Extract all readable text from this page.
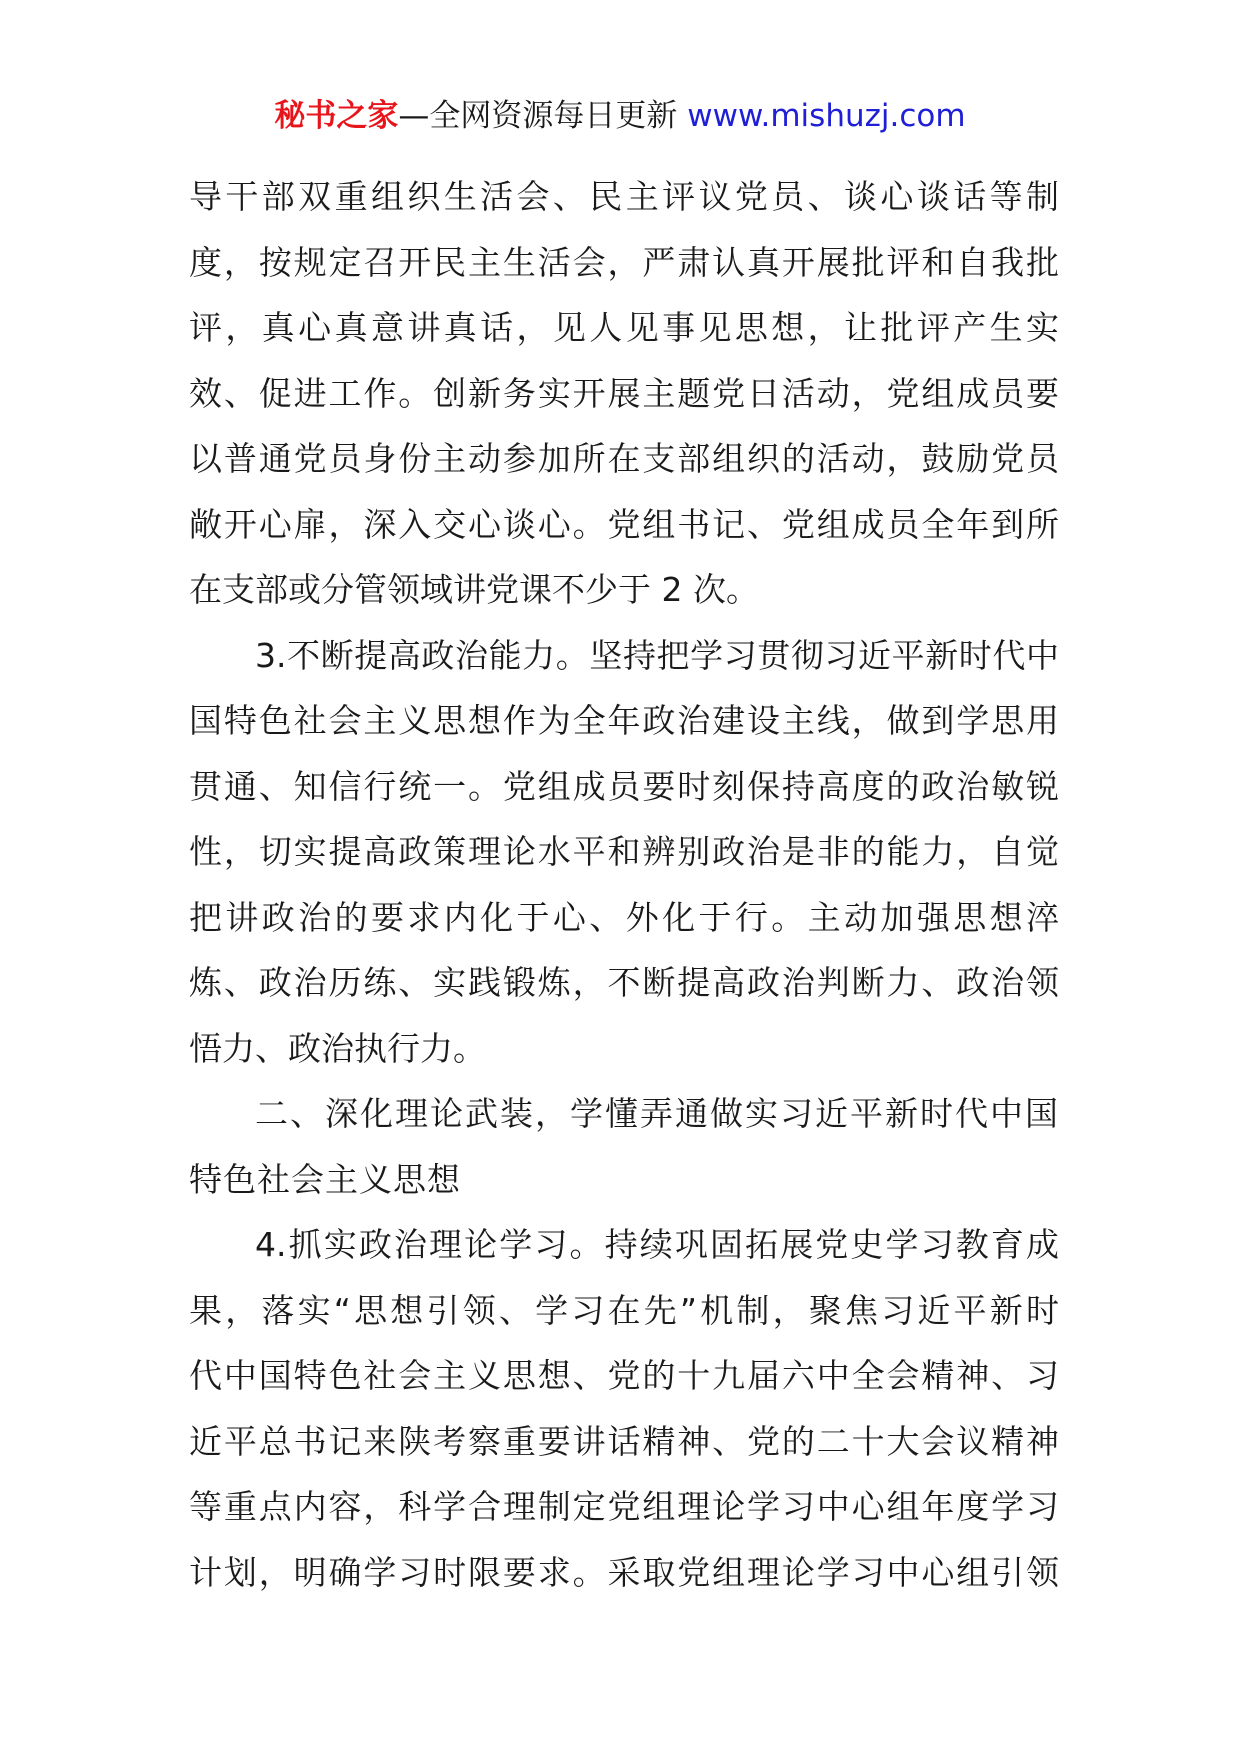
秘书之家—全网资源每日更新 www.mishuzj.com
导干部双重组织生活会、民主评议党员、谈心谈话等制
度，按规定召开民主生活会，严肃认真开展批评和自我批
评，真心真意讲真话，见人见事见思想，让批评产生实
效、促进工作。创新务实开展主题党日活动，党组成员要
以普通党员身份主动参加所在支部组织的活动，鼓励党员
敞开心扉，深入交心谈心。党组书记、党组成员全年到所
在支部或分管领域讲党课不少于 2 次。
3.不断提高政治能力。坚持把学习贯彻习近平新时代中
国特色社会主义思想作为全年政治建设主线，做到学思用
贯通、知信行统一。党组成员要时刻保持高度的政治敏锐
性，切实提高政策理论水平和辨别政治是非的能力，自觉
把讲政治的要求内化于心、外化于行。主动加强思想淬
炼、政治历练、实践锻炼，不断提高政治判断力、政治领
悟力、政治执行力。
二、深化理论武装，学懂弄通做实习近平新时代中国
特色社会主义思想
4.抓实政治理论学习。持续巩固拓展党史学习教育成
果，落实“思想引领、学习在先”机制，聚焦习近平新时
代中国特色社会主义思想、党的十九届六中全会精神、习
近平总书记来陕考察重要讲话精神、党的二十大会议精神
等重点内容，科学合理制定党组理论学习中心组年度学习
计划，明确学习时限要求。采取党组理论学习中心组引领
